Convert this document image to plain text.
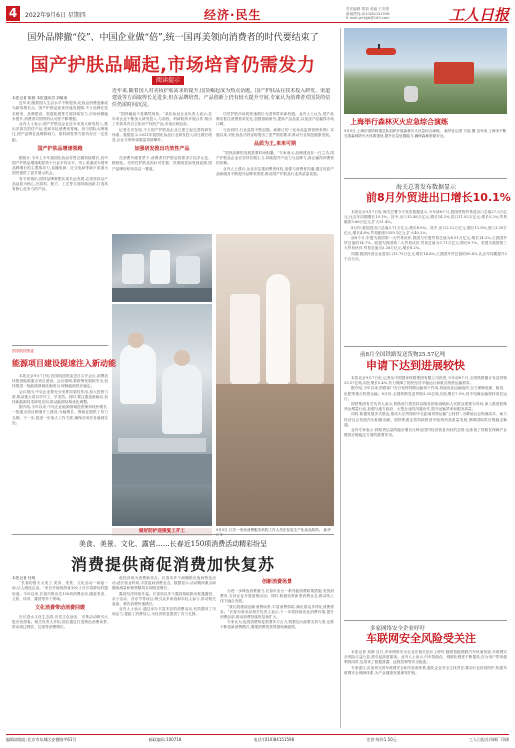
4	2022年9月6日 星期四	经济·民生	责任编辑 郑莉 美编 王安康
新闻热线:(010)84151598
E-mail:grrbjjb@163.com	工人日报
国外品牌撤“佼”、中国企业做“倍”,统一国再美领向消费者的时代要结束了
国产护肤品崛起,市场培育仍需发力
阅读提示
近年来,随着国人对美妆护肤需求的提升,国货崛起成为热点话题。国产护肤品在技术投入研发、渠道建设等方面取得长足进步,但在品牌培育、产品创新上仍有较大提升空间,专家认为消费者对国货的信任仍需时间沉淀。

本报记者 陈晨 本报通讯员 刘敏涛

近年来,随着国人生活水平不断提高,化妆品消费逐渐成为新的增长点。国产护肤品迎来快速发展期,不少品牌在技术研发、品牌建设、渠道拓展等方面持续发力,市场份额稳步提升,消费者对国货的认可度不断增强。

业内人士表示,国产护肤品企业近年来加大研发投入,推出多款功效性产品,受到年轻消费者青睐。但与国际大牌相比,国产品牌在品牌影响力、原料研发等方面仍存在一定差距。

国产护肤品增速领跑

据统计,今年上半年我国化妆品零售总额持续增长,其中国产护肤品增速明显快于行业平均水平。线上渠道成为国货品牌增长的主要推动力,直播电商、社交电商等新兴渠道为国货提供了更多展示机会。

有专家指出,国货品牌要想实现长远发展,必须坚持以产品品质为核心,在原料、配方、工艺等方面持续创新,打造具有核心竞争力的产品。

“国货崛起不是偶然现象。”某化妆品企业负责人表示,近年来企业不断加大研发投入,与高校、科研院所开展合作,推出了多款具有自主知识产权的产品,市场反响良好。

记者走访发现,不少国产护肤品企业已建立起完善的研发体系。数据显示,2021年我国化妆品行业研发投入同比增长明显,企业专利申请数量持续攀升。

加强研发推出功效性产品

在消费升级背景下,消费者对护肤品的需求日趋多元化、精细化。功效性护肤品因针对性强、效果明显而受到追捧,国产品牌纷纷布局这一赛道。

功效护肤市场的快速增长为国货带来新机遇。业内人士认为,国产品牌应抓住消费需求变化,加强基础研究,提高产品品质,以优质产品赢得市场口碑。

与此同时,行业监管不断加强。新修订的《化妆品监督管理条例》实施以来,对化妆品功效宣称提出了更严格的要求,推动行业规范健康发展。

品质为王,来来可期

“国货品牌的发展需要时间积累。”专家表示,品牌建设非一日之功,国产护肤品企业应坚持长期主义,持续提升产品力与品牌力,真正赢得消费者的信赖。

业内人士建议,企业应注重消费者体验,加强与消费者沟通,通过优质产品和服务不断提升品牌美誉度,推动国产护肤品行业高质量发展。

做好防护迎接复工开工	9月5日,江苏一美妆消费服务机构工作人员在检验生产化妆品原料。 新华
国务院国资委
能源项目建设提速注入新动能

本报北京9月7日电 国务院国资委近日召开会议,部署加快推进能源重点项目建设。会议强调,要统筹发展和安全,加快推进一批能源基础设施项目,保障能源供应稳定。

会议指出,中央企业要充分发挥顶梁柱作用,加大投资力度,推动重大项目早开工、早见效。同时,要注重创新驱动,加快新能源技术研发应用,推动能源结构优化调整。

据介绍,今年以来,中央企业能源领域投资保持较快增长,一批重点项目相继开工建设,为稳增长、保就业提供了有力支撑。下一步,将进一步加大工作力度,确保各项任务落到实处。

上海举行森林灭火应急综合演练
9月5日,上海市消防救援总队组织开展森林灭火应急综合演练。 新华社记者 方喆 摄 近年来,上海市不断完善森林防灭火体系建设,提升应急处置能力,确保森林资源安全。
海关总署发布数据显示
前8月外贸进出口增长10.1%

本报北京9月7日电 海关总署今天发布数据显示,今年前8个月,我国货物贸易进出口总值27.3万亿元,比去年同期增长10.1%。其中,出口15.48万亿元,增长14.2%;进口11.82万亿元,增长5.2%;贸易顺差3.66万亿元,扩大51.4%。

8月份,我国进出口总值3.71万亿元,增长8.6%。其中,出口2.12万亿元,增长11.8%;进口1.59万亿元,增长4.6%;贸易顺差5359.1亿元,扩大40.2%。

前8个月,东盟为我国第一大贸易伙伴,我国与东盟贸易总值为4.01万亿元,增长14.2%,占我国外贸总值的14.7%。欧盟为我国第二大贸易伙伴,贸易总值为3.71万亿元,增长8.7%。美国为我国第三大贸易伙伴,贸易总值为3.28万亿元,增长8.2%。

同期,我国民营企业进出口13.75万亿元,增长14.6%,占我国外贸总值的50.4%,比去年同期提升2个百分点。

前8月全国铁路发送货物25.57亿吨
申请下达到进展较快

本报北京9月7日电 记者从中国国家铁路集团有限公司获悉,今年前8个月,全国铁路累计发送货物25.57亿吨,同比增长5.4%,有力保障了国民经济平稳运行和重点物资运输需求。

据介绍,今年以来,铁路部门充分发挥铁路运输骨干作用,持续优化运输组织,全力保障电煤、粮食、化肥等重点物资运输。8月份,全国铁路发送货物3.32亿吨,同比增长7.5%,其中电煤运输保持高位运行。

国铁集团有关负责人表示,铁路部门将坚持以服务国家战略和人民群众需要为导向,深入推进铁路货运增量行动,加强与地方政府、大型企业的沟通协作,提升运输效率和服务质量。

同时,积极发展多式联运,推动大宗货物和中长距离货物运输“公转铁”,为降低社会物流成本、助力经济社会发展作出积极贡献。国铁集团还将持续推进中欧班列高质量发展,保障国际供应链稳定畅通。

业内专家表示,铁路货运量的稳步增长反映出国内经济恢复向好的态势,也体现了铁路在保障产业链供应链稳定方面的重要作用。

多家网络安全企业呼吁
车联网安全风险受关注

本报记者 刘静 近日,多家网络安全企业在相关论坛上呼吁,随着智能网联汽车快速发展,车联网安全风险日益凸显,需引起高度重视。业内人士表示,汽车智能化、网联化程度不断提高,在为用户带来便利的同时,也带来了数据泄露、远程控制等安全隐患。

专家建议,应加快完善车联网安全相关标准体系,强化企业安全主体责任,推动行业协同防护,构建车联网安全保障体系,为产业健康发展保驾护航。

美食、美景、文化、露营……长春近150项消费活动精彩纷呈
消费提供商促消费加快复苏

本报记者 杜明

“长春的夏天太美了,美食、美景、文化活动一场接一场,让人流连忘返。”来自外地的游客刘女士在长春游玩时感叹道。今年以来,长春市推出近150项消费活动,涵盖美食、文旅、体育、露营等多个领域。

文化消费带动消费回暖

在长春水文化生态园,各类文化演出、市集活动吸引大批市民游客。相关负责人介绍,园区通过打造特色消费场景,带动周边餐饮、住宿等消费增长。

夜经济成为消费新亮点。长春市多个商圈推出夜间特色活动,延长营业时间,丰富夜间消费业态。数据显示,活动期间重点商圈客流量和销售额均实现明显增长。

露营经济持续升温。长春周边多个露营基地推出帐篷露营、亲子活动、音乐节等项目,吸引众多家庭和年轻人参与,带动相关装备、餐饮消费快速增长。

业内人士表示,通过举办丰富多彩的消费活动,有效激发了市场活力,提振了消费信心,为经济恢复提供了有力支撑。

创新消费场景

为进一步释放消费潜力,长春市出台一系列促消费政策措施,发放消费券,支持企业开展促销活动。同时,积极培育新型消费业态,推动线上线下融合发展。

“我们将继续创新消费场景,丰富消费供给,满足群众多样化消费需求。”长春市商务局相关负责人表示,下一步将持续优化消费环境,提升消费品质,推动消费持续恢复和扩大。

专家认为,促进消费恢复需要多方合力,既要加大政策支持力度,也要不断创新消费模式,增强消费者获得感和满意度。

编辑部地址:北京市东城区安德路甲61号	邮政编码:100718	电话:(010)84151598	定价:每份1.50元	工人日报社印刷厂印刷
